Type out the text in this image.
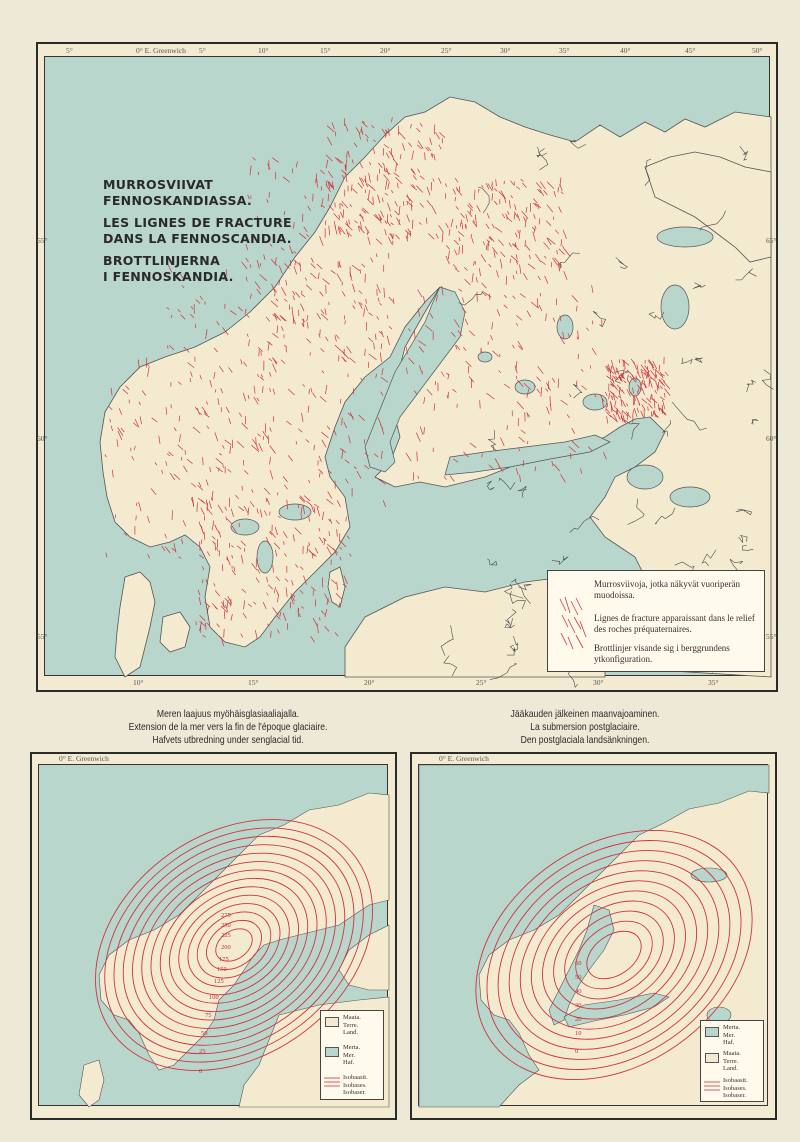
MURROSVIIVAT
FENNOSKANDIASSA.
LES LIGNES DE FRACTURE
DANS LA FENNOSCANDIA.
BROTTLINJERNA
I FENNOSKANDIA.
5°	0° E. Greenwich 5°	10°	15°	20°	25°	30°	35°	40°	45°	50°
10°	15°	20°	25°	30°	35°
65°
60°
55°
65°
60°
55°
Murrosviivoja, jotka näkyvät vuoriperän muodoissa.
Lignes de fracture apparaissant dans le relief des roches préquaternaires.
Brottlinjer visande sig i berggrundens ytkonfiguration.
Meren laajuus myöhäisglasiaaliajalla.
Extension de la mer vers la fin de l'époque glaciaire.
Hafvets utbredning under senglacial tid.
Jääkauden jälkeinen maanvajoaminen.
La submersion postglaciaire.
Den postglaciala landsänkningen.
275
250
225
200
175
150
125
100
75
50
25
0
0° E. Greenwich
Maata.
Terre.
Land.
Merta.
Mer.
Haf.
Isobaasit.
Isobases.
Isobaser.
60
50
40
30
20
10
0
0° E. Greenwich
Merta.
Mer.
Haf.
Maata.
Terre.
Land.
Isobaasit.
Isobases.
Isobaser.
